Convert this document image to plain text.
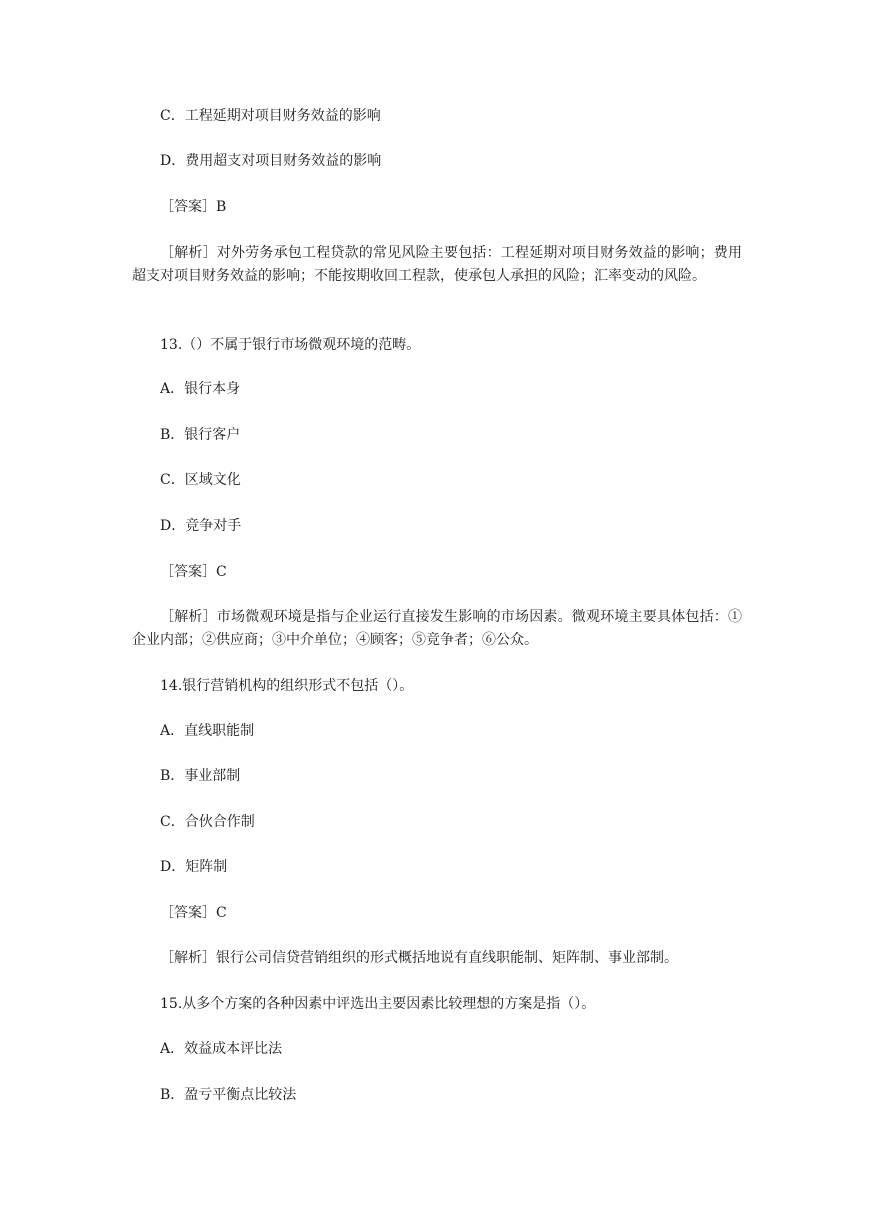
C．工程延期对项目财务效益的影响
D．费用超支对项目财务效益的影响
［答案］B
［解析］对外劳务承包工程贷款的常见风险主要包括：工程延期对项目财务效益的影响；费用超支对项目财务效益的影响；不能按期收回工程款，使承包人承担的风险；汇率变动的风险。
13.（）不属于银行市场微观环境的范畴。
A．银行本身
B．银行客户
C．区域文化
D．竞争对手
［答案］C
［解析］市场微观环境是指与企业运行直接发生影响的市场因素。微观环境主要具体包括：①企业内部；②供应商；③中介单位；④顾客；⑤竞争者；⑥公众。
14.银行营销机构的组织形式不包括（）。
A．直线职能制
B．事业部制
C．合伙合作制
D．矩阵制
［答案］C
［解析］银行公司信贷营销组织的形式概括地说有直线职能制、矩阵制、事业部制。
15.从多个方案的各种因素中评选出主要因素比较理想的方案是指（）。
A．效益成本评比法
B．盈亏平衡点比较法
